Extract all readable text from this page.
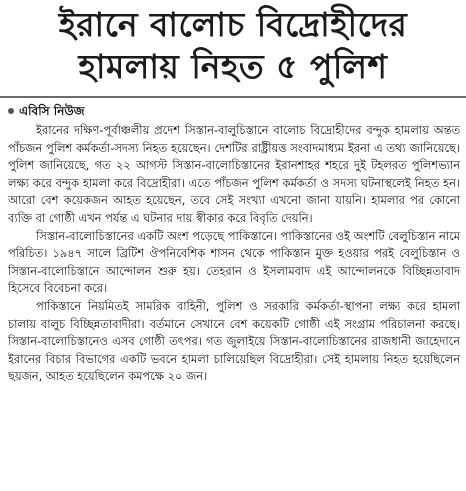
ইরানে বালোচ বিদ্রোহীদের
হামলায় নিহত ৫ পুলিশ
এবিসি নিউজ

ইরানের দক্ষিণ-পূর্বাঞ্চলীয় প্রদেশ সিস্তান-বালুচিস্তানে বালোচ বিদ্রোহীদের বন্দুক হামলায় অন্তত পাঁচজন পুলিশ কর্মকর্তা-সদস্য নিহত হয়েছেন। দেশটির রাষ্ট্রীয়ত্ত সংবাদমাধ্যম ইরনা এ তথ্য জানিয়েছে। পুলিশ জানিয়েছে, গত ২২ আগস্ট সিস্তান-বালোচিস্তানের ইরানশাহর শহরে দুই টহলরত পুলিশভ্যান লক্ষ্য করে বন্দুক হামলা করে বিদ্রোহীরা। এতে পাঁচজন পুলিশ কর্মকর্তা ও সদস্য ঘটনাস্থলেই নিহত হন। আরো বেশ কয়েকজন আহত হয়েছেন, তবে সেই সংখ্যা এখনো জানা যায়নি। হামলার পর কোনো ব্যক্তি বা গোষ্ঠী এখন পর্যন্ত এ ঘটনার দায় স্বীকার করে বিবৃতি দেয়নি।

সিস্তান-বালোচিস্তানের একটি অংশ পড়েছে পাকিস্তানে। পাকিস্তানের ওই অংশটি বেলুচিস্তান নামে পরিচিত। ১৯৪৭ সালে ব্রিটিশ ঔপনিবেশিক শাসন থেকে পাকিস্তান মুক্ত হওয়ার পরই বেলুচিস্তান ও সিস্তান-বালোচিস্তানে আন্দোলন শুরু হয়। তেহরান ও ইসলামবাদ এই আন্দোলনকে বিচ্ছিন্নতাবাদ হিসেবে বিবেচনা করে।

পাকিস্তানে নিয়মিতই সামরিক বাহিনী, পুলিশ ও সরকারি কর্মকর্তা-স্থাপনা লক্ষ্য করে হামলা চালায় বালুচ বিচ্ছিন্নতাবাদীরা। বর্তমানে সেখানে বেশ কয়েকটি গোষ্ঠী এই সংগ্রাম পরিচালনা করছে। সিস্তান-বালোচিস্তানেও এসব গোষ্ঠী তৎপর। গত জুলাইয়ে সিস্তান-বালোচিস্তানের রাজধানী জাহেদানে ইরানের বিচার বিভাগের একটি ভবনে হামলা চালিয়েছিল বিদ্রোহীরা। সেই হামলায় নিহত হয়েছিলেন ছয়জন, আহত হয়েছিলেন কমপক্ষে ২০ জন।
